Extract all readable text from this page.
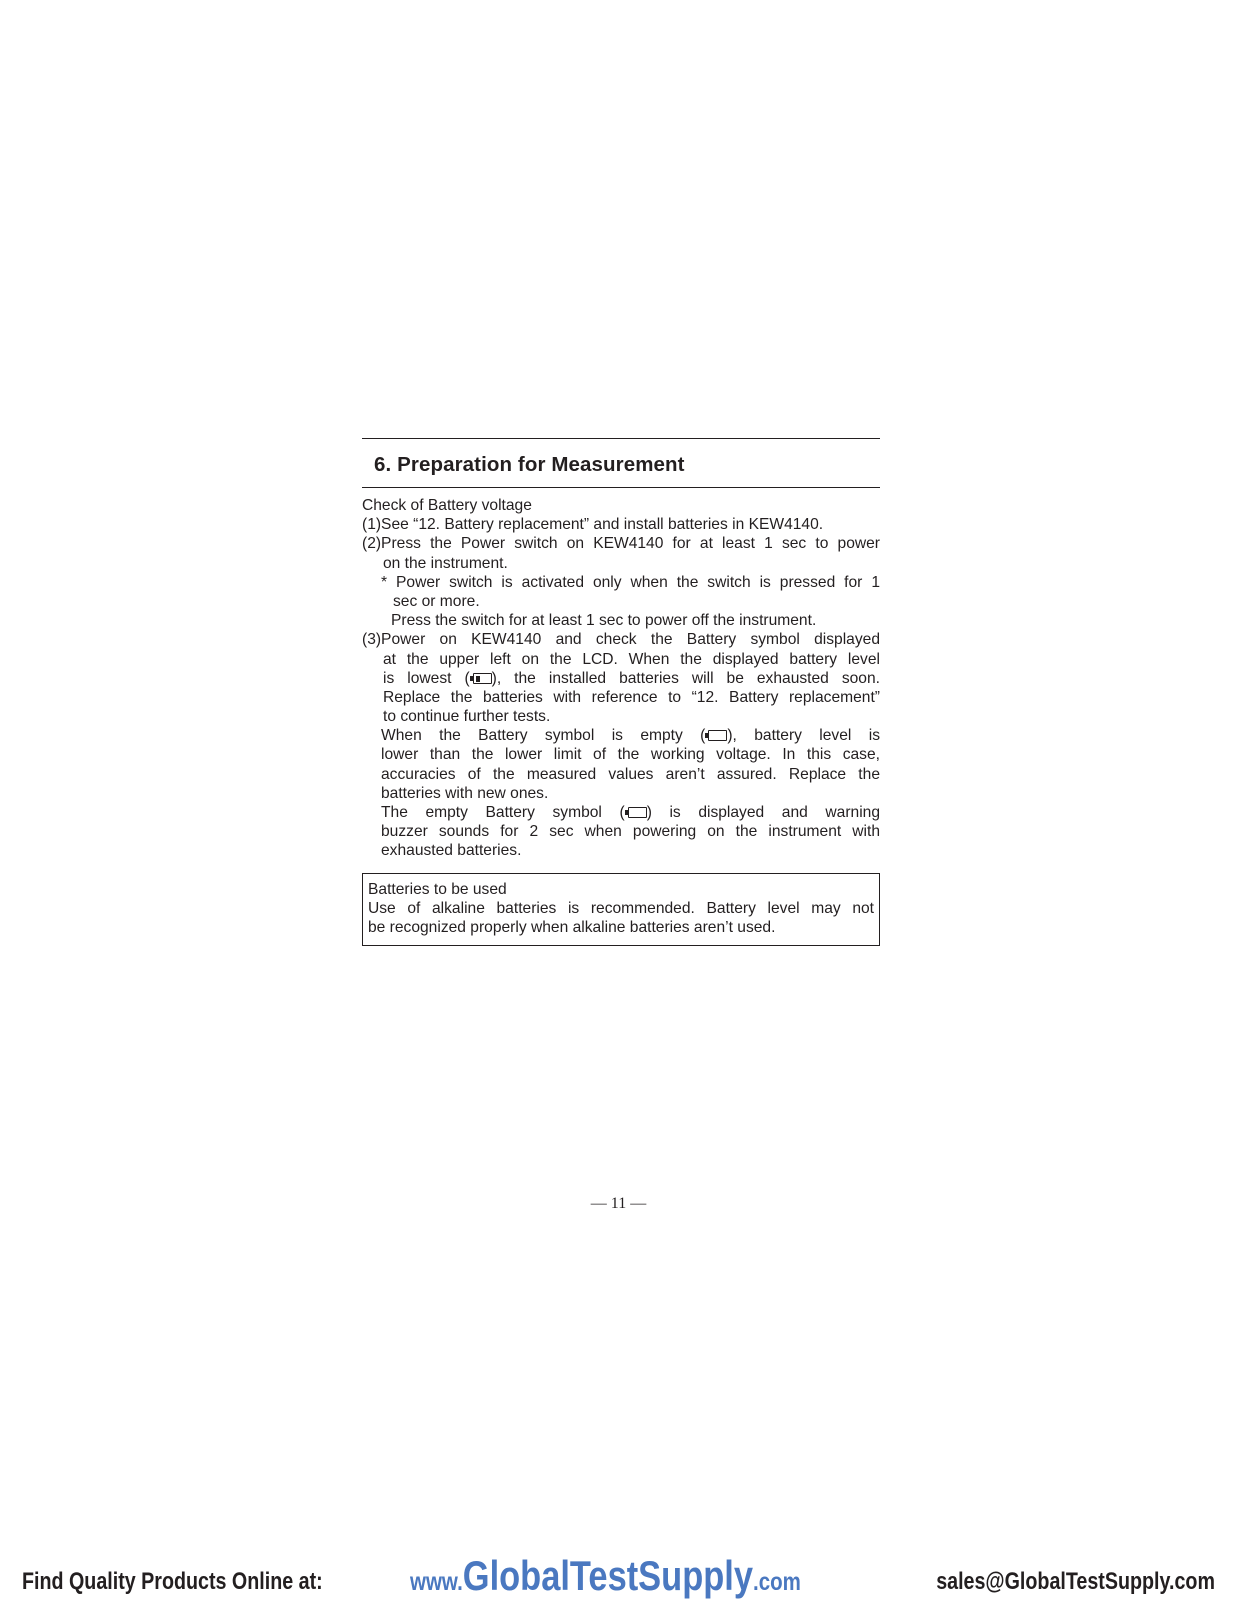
6. Preparation for Measurement
Check of Battery voltage
(1)See “12. Battery replacement” and install batteries in KEW4140.
(2)Press the Power switch on KEW4140 for at least 1 sec to power
on the instrument.
* Power switch is activated only when the switch is pressed for 1
sec or more.
Press the switch for at least 1 sec to power off the instrument.
(3)Power on KEW4140 and check the Battery symbol displayed
at the upper left on the LCD. When the displayed battery level
is lowest ( ), the installed batteries will be exhausted soon.
Replace the batteries with reference to “12. Battery replacement”
to continue further tests.
When the Battery symbol is empty ( ), battery level is
lower than the lower limit of the working voltage. In this case,
accuracies of the measured values aren’t assured. Replace the
batteries with new ones.
The empty Battery symbol ( ) is displayed and warning
buzzer sounds for 2 sec when powering on the instrument with
exhausted batteries.
Batteries to be used
Use of alkaline batteries is recommended. Battery level may not
be recognized properly when alkaline batteries aren’t used.
— 11 —
Find Quality Products Online at:	www.GlobalTestSupply.com	sales@GlobalTestSupply.com
